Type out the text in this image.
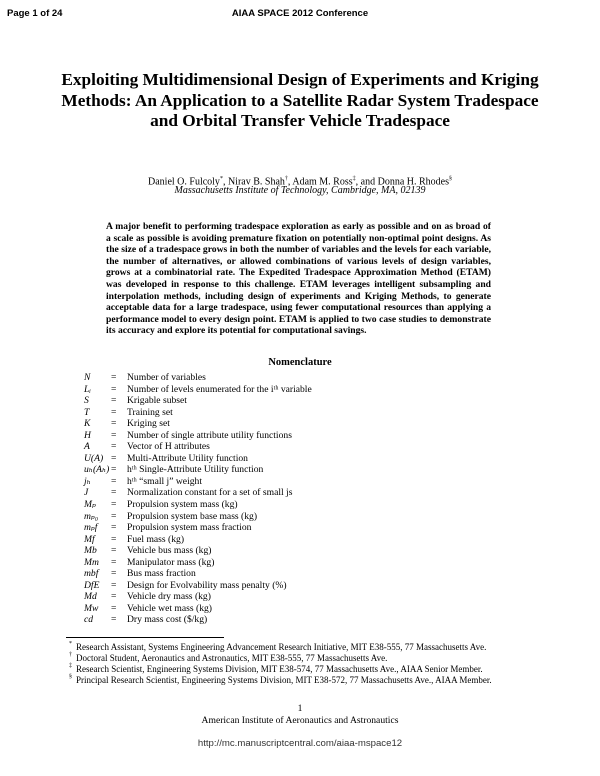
Page 1 of 24	AIAA SPACE 2012 Conference
Exploiting Multidimensional Design of Experiments and Kriging Methods: An Application to a Satellite Radar System Tradespace and Orbital Transfer Vehicle Tradespace
Daniel O. Fulcoly*, Nirav B. Shah†, Adam M. Ross‡, and Donna H. Rhodes§
Massachusetts Institute of Technology, Cambridge, MA, 02139
A major benefit to performing tradespace exploration as early as possible and on as broad of a scale as possible is avoiding premature fixation on potentially non-optimal point designs. As the size of a tradespace grows in both the number of variables and the levels for each variable, the number of alternatives, or allowed combinations of various levels of design variables, grows at a combinatorial rate. The Expedited Tradespace Approximation Method (ETAM) was developed in response to this challenge. ETAM leverages intelligent subsampling and interpolation methods, including design of experiments and Kriging Methods, to generate acceptable data for a large tradespace, using fewer computational resources than applying a performance model to every design point. ETAM is applied to two case studies to demonstrate its accuracy and explore its potential for computational savings.
Nomenclature
N = Number of variables
Lᵢ = Number of levels enumerated for the iᵗʰ variable
S = Krigable subset
T = Training set
K = Kriging set
H = Number of single attribute utility functions
A = Vector of H attributes
U(A) = Multi-Attribute Utility function
uₕ(Aₕ) = hᵗʰ Single-Attribute Utility function
jₕ = hᵗʰ “small j” weight
J = Normalization constant for a set of small js
Mₚ = Propulsion system mass (kg)
mₚ₀ = Propulsion system base mass (kg)
mₚf = Propulsion system mass fraction
Mf = Fuel mass (kg)
Mb = Vehicle bus mass (kg)
Mm = Manipulator mass (kg)
mbf = Bus mass fraction
DfE = Design for Evolvability mass penalty (%)
Md = Vehicle dry mass (kg)
Mw = Vehicle wet mass (kg)
cd = Dry mass cost ($/kg)
* Research Assistant, Systems Engineering Advancement Research Initiative, MIT E38-555, 77 Massachusetts Ave.
† Doctoral Student, Aeronautics and Astronautics, MIT E38-555, 77 Massachusetts Ave.
‡ Research Scientist, Engineering Systems Division, MIT E38-574, 77 Massachusetts Ave., AIAA Senior Member.
§ Principal Research Scientist, Engineering Systems Division, MIT E38-572, 77 Massachusetts Ave., AIAA Member.
1
American Institute of Aeronautics and Astronautics
http://mc.manuscriptcentral.com/aiaa-mspace12
